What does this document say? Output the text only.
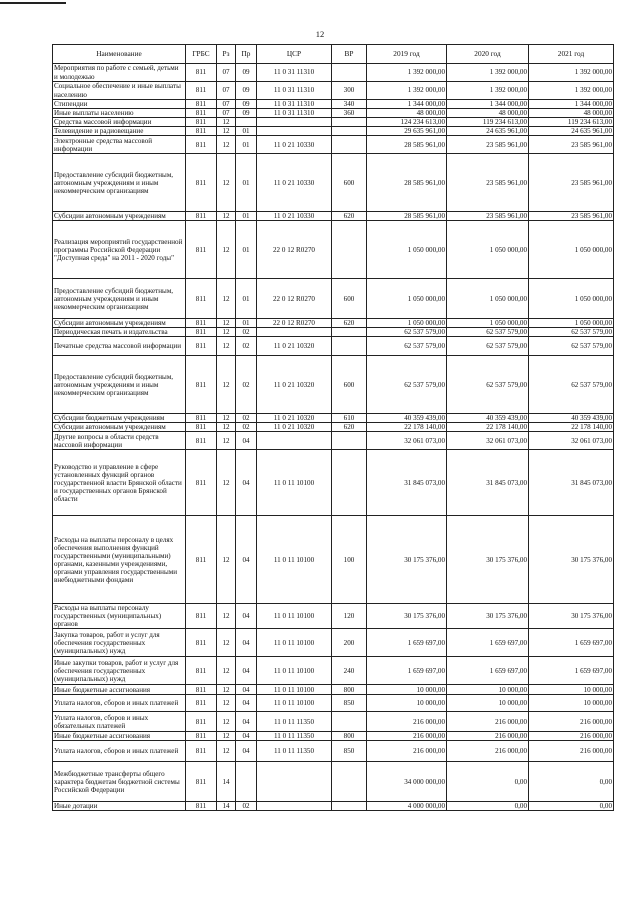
12
Наименование	ГРБС	Рз	Пр	ЦСР	ВР	2019 год	2020 год	2021 год
Мероприятия по работе с семьей, детьми и молодежью	811	07	09	11 0 31 11310		1 392 000,00	1 392 000,00	1 392 000,00
Социальное обеспечение и иные выплаты населению	811	07	09	11 0 31 11310	300	1 392 000,00	1 392 000,00	1 392 000,00
Стипендии	811	07	09	11 0 31 11310	340	1 344 000,00	1 344 000,00	1 344 000,00
Иные выплаты населению	811	07	09	11 0 31 11310	360	48 000,00	48 000,00	48 000,00
Средства массовой информации	811	12				124 234 613,00	119 234 613,00	119 234 613,00
Телевидение и радиовещание	811	12	01			29 635 961,00	24 635 961,00	24 635 961,00
Электронные средства массовой информации	811	12	01	11 0 21 10330		28 585 961,00	23 585 961,00	23 585 961,00
Предоставление субсидий бюджетным, автономным учреждениям и иным некоммерческим организациям	811	12	01	11 0 21 10330	600	28 585 961,00	23 585 961,00	23 585 961,00
Субсидии автономным учреждениям	811	12	01	11 0 21 10330	620	28 585 961,00	23 585 961,00	23 585 961,00
Реализация мероприятий государственной программы Российской Федерации "Доступная среда" на 2011 - 2020 годы"	811	12	01	22 0 12 R0270		1 050 000,00	1 050 000,00	1 050 000,00
Предоставление субсидий бюджетным, автономным учреждениям и иным некоммерческим организациям	811	12	01	22 0 12 R0270	600	1 050 000,00	1 050 000,00	1 050 000,00
Субсидии автономным учреждениям	811	12	01	22 0 12 R0270	620	1 050 000,00	1 050 000,00	1 050 000,00
Периодическая печать и издательства	811	12	02			62 537 579,00	62 537 579,00	62 537 579,00
Печатные средства массовой информации	811	12	02	11 0 21 10320		62 537 579,00	62 537 579,00	62 537 579,00
Предоставление субсидий бюджетным, автономным учреждениям и иным некоммерческим организациям	811	12	02	11 0 21 10320	600	62 537 579,00	62 537 579,00	62 537 579,00
Субсидии бюджетным учреждениям	811	12	02	11 0 21 10320	610	40 359 439,00	40 359 439,00	40 359 439,00
Субсидии автономным учреждениям	811	12	02	11 0 21 10320	620	22 178 140,00	22 178 140,00	22 178 140,00
Другие вопросы в области средств массовой информации	811	12	04			32 061 073,00	32 061 073,00	32 061 073,00
Руководство и управление в сфере установленных функций органов государственной власти Брянской области и государственных органов Брянской области	811	12	04	11 0 11 10100		31 845 073,00	31 845 073,00	31 845 073,00
Расходы на выплаты персоналу в целях обеспечения выполнения функций государственными (муниципальными) органами, казенными учреждениями, органами управления государственными внебюджетными фондами	811	12	04	11 0 11 10100	100	30 175 376,00	30 175 376,00	30 175 376,00
Расходы на выплаты персоналу государственных (муниципальных) органов	811	12	04	11 0 11 10100	120	30 175 376,00	30 175 376,00	30 175 376,00
Закупка товаров, работ и услуг для обеспечения государственных (муниципальных) нужд	811	12	04	11 0 11 10100	200	1 659 697,00	1 659 697,00	1 659 697,00
Иные закупки товаров, работ и услуг для обеспечения государственных (муниципальных) нужд	811	12	04	11 0 11 10100	240	1 659 697,00	1 659 697,00	1 659 697,00
Иные бюджетные ассигнования	811	12	04	11 0 11 10100	800	10 000,00	10 000,00	10 000,00
Уплата налогов, сборов и иных платежей	811	12	04	11 0 11 10100	850	10 000,00	10 000,00	10 000,00
Уплата налогов, сборов и иных обязательных платежей	811	12	04	11 0 11 11350		216 000,00	216 000,00	216 000,00
Иные бюджетные ассигнования	811	12	04	11 0 11 11350	800	216 000,00	216 000,00	216 000,00
Уплата налогов, сборов и иных платежей	811	12	04	11 0 11 11350	850	216 000,00	216 000,00	216 000,00
Межбюджетные трансферты общего характера бюджетам бюджетной системы Российской Федерации	811	14				34 000 000,00	0,00	0,00
Иные дотации	811	14	02			4 000 000,00	0,00	0,00
